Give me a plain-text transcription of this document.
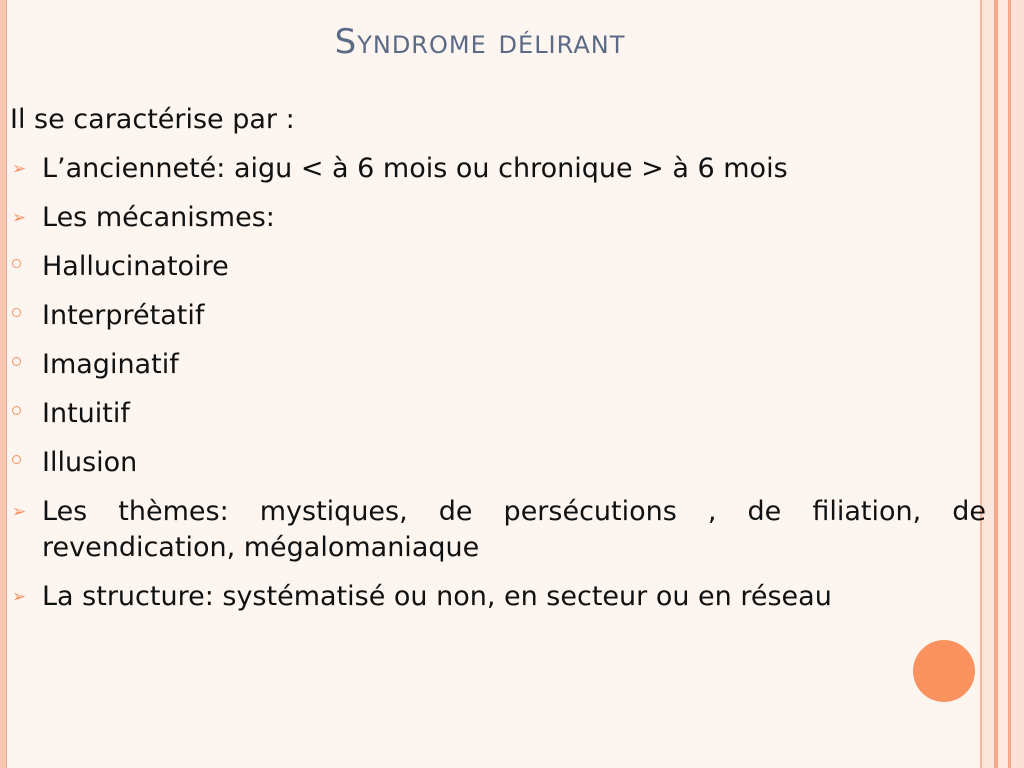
Syndrome délirant
Il se caractérise par :
➢ L’ancienneté: aigu < à 6 mois ou chronique > à 6 mois
➢ Les mécanismes:
Hallucinatoire
Interprétatif
Imaginatif
Intuitif
Illusion
➢ Les thèmes: mystiques, de persécutions , de filiation, de revendication, mégalomaniaque
➢ La structure: systématisé ou non, en secteur ou en réseau
